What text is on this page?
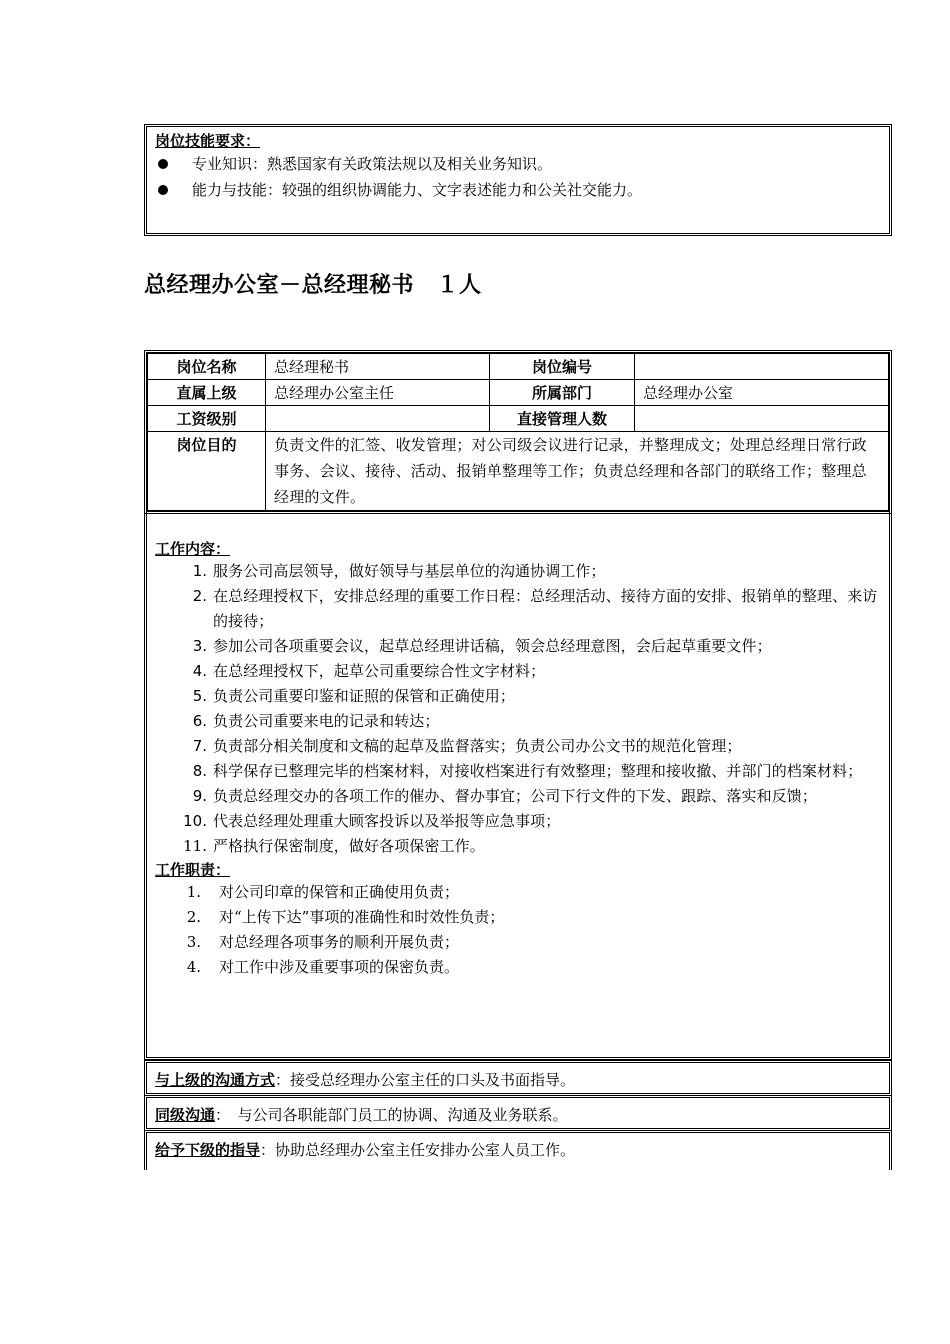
岗位技能要求：
专业知识：熟悉国家有关政策法规以及相关业务知识。
能力与技能：较强的组织协调能力、文字表述能力和公关社交能力。
总经理办公室－总经理秘书　１人
岗位名称	总经理秘书	岗位编号	
直属上级	总经理办公室主任	所属部门	总经理办公室
工资级别		直接管理人数	
岗位目的	负责文件的汇签、收发管理；对公司级会议进行记录，并整理成文；处理总经理日常行政事务、会议、接待、活动、报销单整理等工作；负责总经理和各部门的联络工作；整理总经理的文件。		
工作内容：
1. 服务公司高层领导，做好领导与基层单位的沟通协调工作；
2. 在总经理授权下，安排总经理的重要工作日程：总经理活动、接待方面的安排、报销单的整理、来访的接待；
3. 参加公司各项重要会议，起草总经理讲话稿，领会总经理意图，会后起草重要文件；
4. 在总经理授权下，起草公司重要综合性文字材料；
5. 负责公司重要印鉴和证照的保管和正确使用；
6. 负责公司重要来电的记录和转达；
7. 负责部分相关制度和文稿的起草及监督落实；负责公司办公文书的规范化管理；
8. 科学保存已整理完毕的档案材料，对接收档案进行有效整理；整理和接收撤、并部门的档案材料；
9. 负责总经理交办的各项工作的催办、督办事宜；公司下行文件的下发、跟踪、落实和反馈；
10. 代表总经理处理重大顾客投诉以及举报等应急事项；
11. 严格执行保密制度，做好各项保密工作。
工作职责：
1.	对公司印章的保管和正确使用负责；
2.	对“上传下达”事项的准确性和时效性负责；
3.	对总经理各项事务的顺利开展负责；
4.	对工作中涉及重要事项的保密负责。
与上级的沟通方式：接受总经理办公室主任的口头及书面指导。
同级沟通：　与公司各职能部门员工的协调、沟通及业务联系。
给予下级的指导：协助总经理办公室主任安排办公室人员工作。
